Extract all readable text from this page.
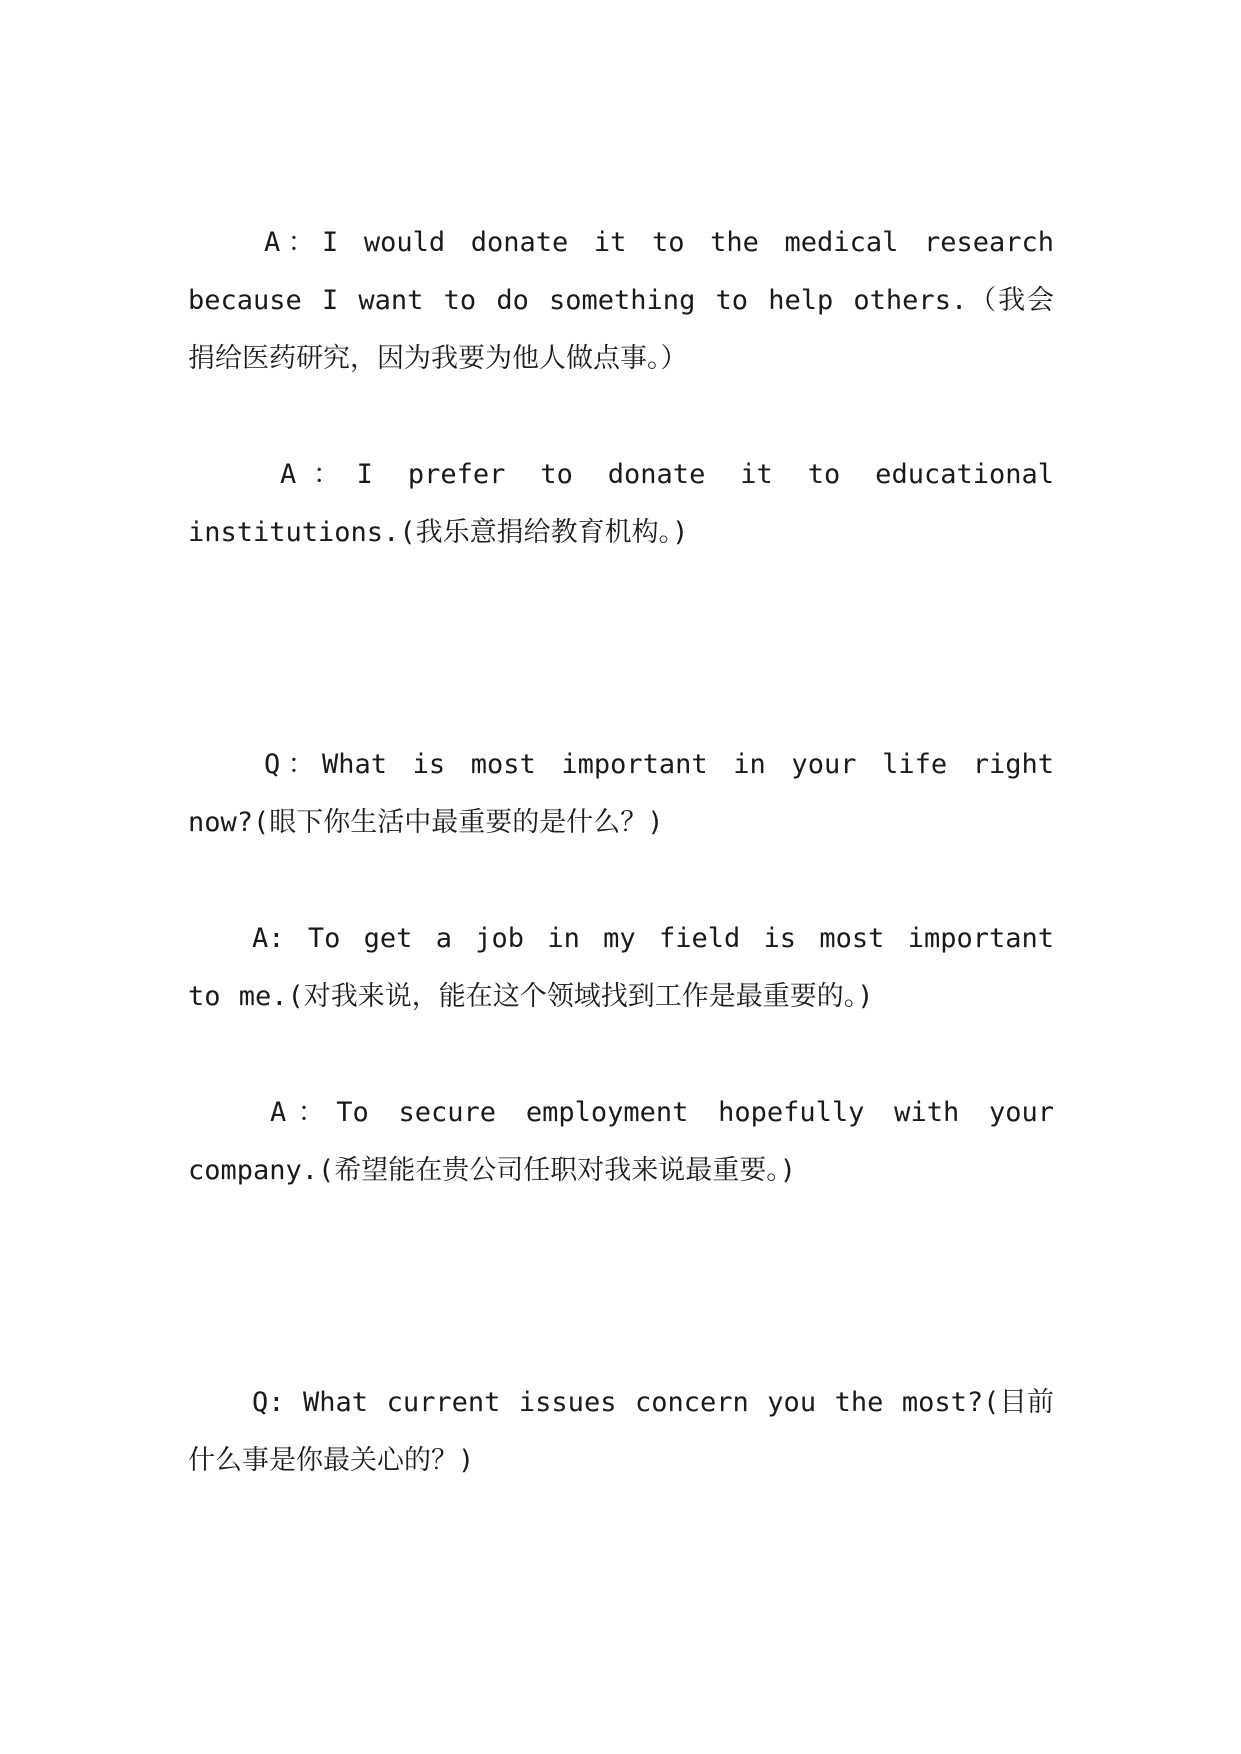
A：I would donate it to the medical research because I want to do something to help others.（我会捐给医药研究，因为我要为他人做点事。）

A：I prefer to donate it to educational institutions.(我乐意捐给教育机构。)

Q：What is most important in your life right now?(眼下你生活中最重要的是什么？)

A: To get a job in my field is most important to me.(对我来说，能在这个领域找到工作是最重要的。)

A：To secure employment hopefully with your company.(希望能在贵公司任职对我来说最重要。)

Q: What current issues concern you the most?(目前什么事是你最关心的？)
